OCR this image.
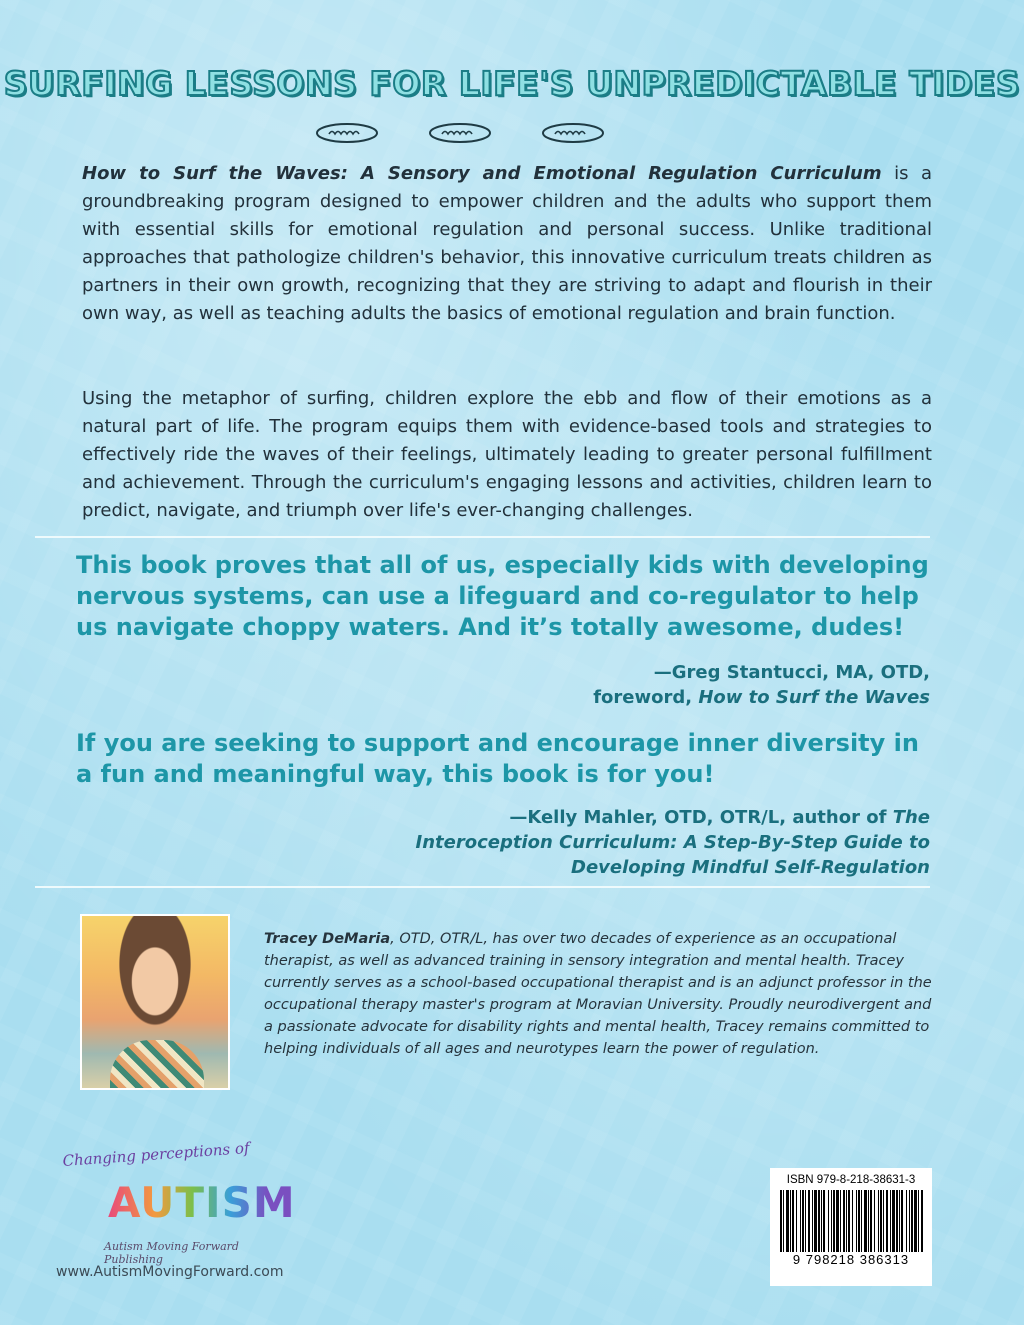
SURFING LESSONS FOR LIFE'S UNPREDICTABLE TIDES

How to Surf the Waves: A Sensory and Emotional Regulation Curriculum is a groundbreaking program designed to empower children and the adults who support them with essential skills for emotional regulation and personal success. Unlike traditional approaches that pathologize children's behavior, this innovative curriculum treats children as partners in their own growth, recognizing that they are striving to adapt and flourish in their own way, as well as teaching adults the basics of emotional regulation and brain function.

Using the metaphor of surfing, children explore the ebb and flow of their emotions as a natural part of life. The program equips them with evidence-based tools and strategies to effectively ride the waves of their feelings, ultimately leading to greater personal fulfillment and achievement. Through the curriculum's engaging lessons and activities, children learn to predict, navigate, and triumph over life's ever-changing challenges.

This book proves that all of us, especially kids with developing nervous systems, can use a lifeguard and co-regulator to help us navigate choppy waters. And it’s totally awesome, dudes!

—Greg Stantucci, MA, OTD,
foreword, How to Surf the Waves

If you are seeking to support and encourage inner diversity in a fun and meaningful way, this book is for you!

—Kelly Mahler, OTD, OTR/L, author of The Interoception Curriculum: A Step-By-Step Guide to Developing Mindful Self-Regulation

Tracey DeMaria, OTD, OTR/L, has over two decades of experience as an occupational therapist, as well as advanced training in sensory integration and mental health. Tracey currently serves as a school-based occupational therapist and is an adjunct professor in the occupational therapy master's program at Moravian University. Proudly neurodivergent and a passionate advocate for disability rights and mental health, Tracey remains committed to helping individuals of all ages and neurotypes learn the power of regulation.

Changing perceptions of
AUTISM
Autism Moving Forward Publishing
www.AutismMovingForward.com
ISBN 979-8-218-38631-3
9 798218 386313
